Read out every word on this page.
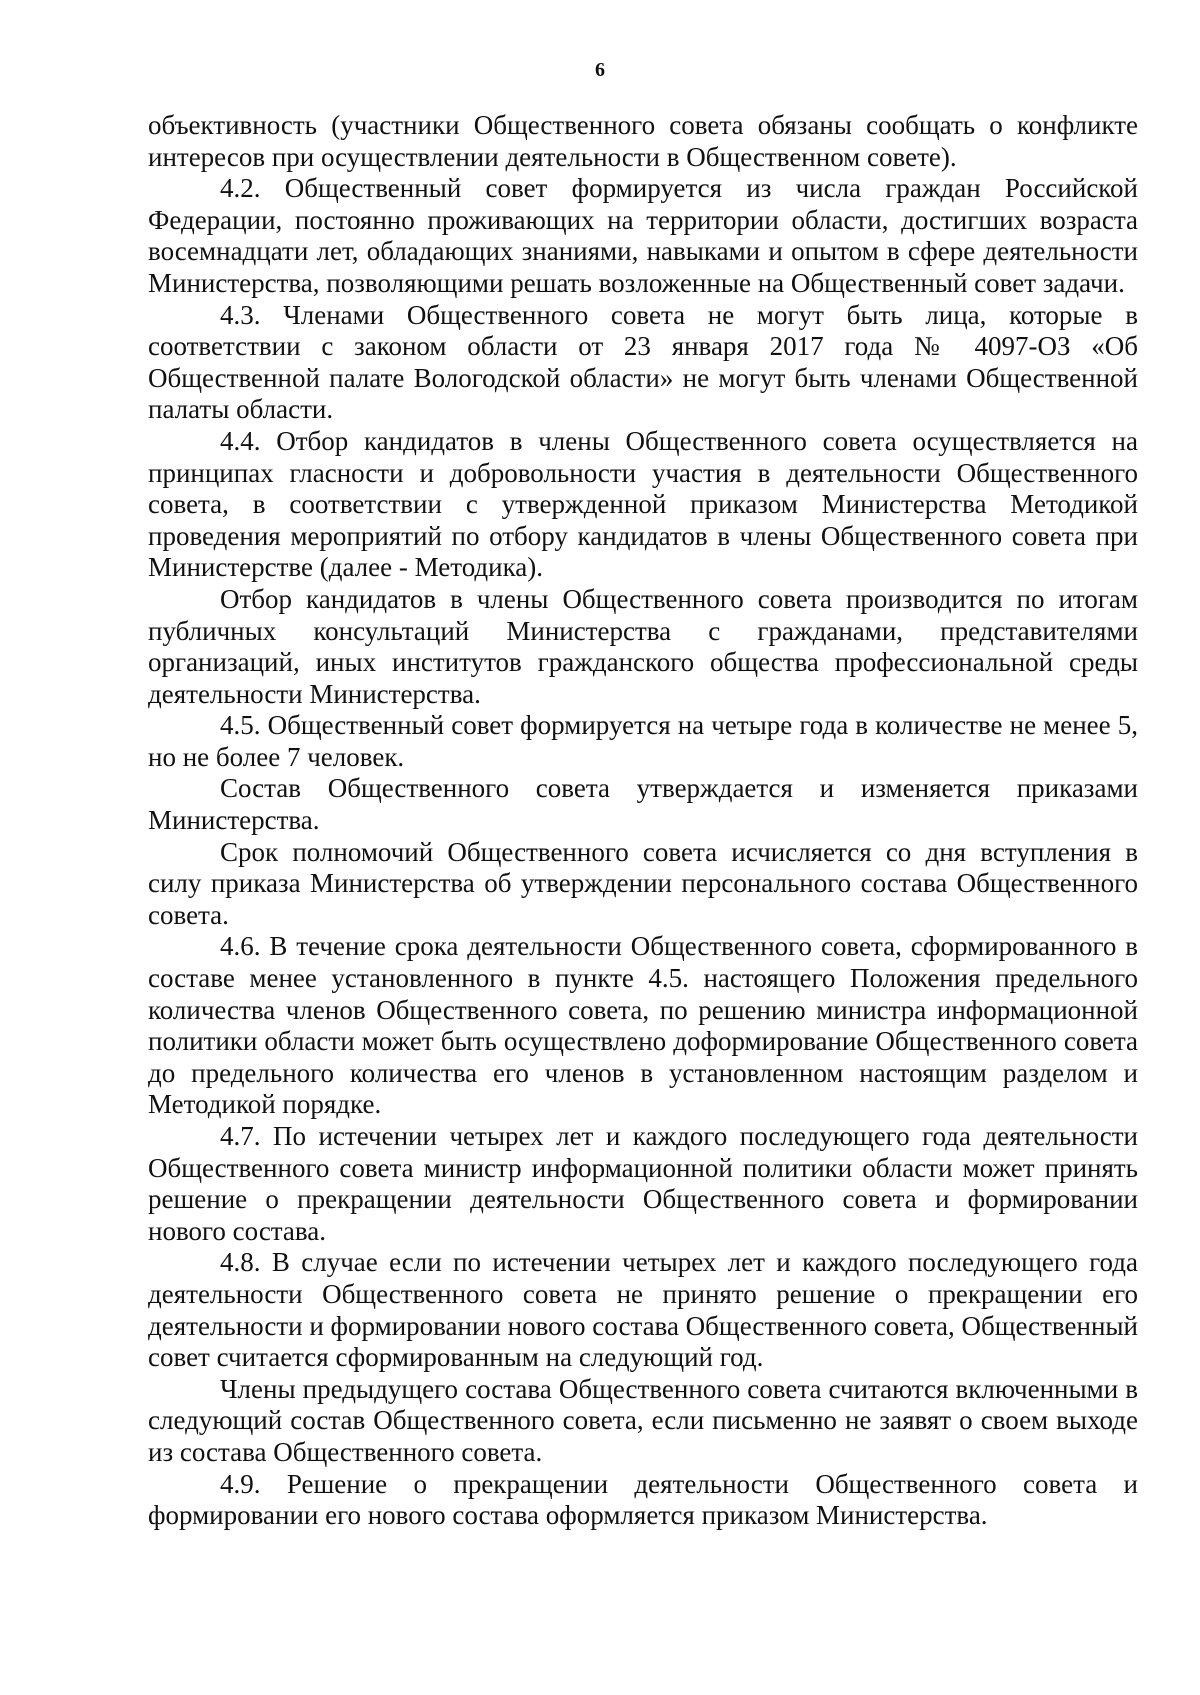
6

объективность (участники Общественного совета обязаны сообщать о конфликте интересов при осуществлении деятельности в Общественном совете).

4.2. Общественный совет формируется из числа граждан Российской Федерации, постоянно проживающих на территории области, достигших возраста восемнадцати лет, обладающих знаниями, навыками и опытом в сфере деятельности Министерства, позволяющими решать возложенные на Общественный совет задачи.

4.3. Членами Общественного совета не могут быть лица, которые в соответствии с законом области от 23 января 2017 года № 4097-ОЗ «Об Общественной палате Вологодской области» не могут быть членами Общественной палаты области.

4.4. Отбор кандидатов в члены Общественного совета осуществляется на принципах гласности и добровольности участия в деятельности Общественного совета, в соответствии с утвержденной приказом Министерства Методикой проведения мероприятий по отбору кандидатов в члены Общественного совета при Министерстве (далее - Методика).

Отбор кандидатов в члены Общественного совета производится по итогам публичных консультаций Министерства с гражданами, представителями организаций, иных институтов гражданского общества профессиональной среды деятельности Министерства.

4.5. Общественный совет формируется на четыре года в количестве не менее 5, но не более 7 человек.

Состав Общественного совета утверждается и изменяется приказами Министерства.

Срок полномочий Общественного совета исчисляется со дня вступления в силу приказа Министерства об утверждении персонального состава Общественного совета.

4.6. В течение срока деятельности Общественного совета, сформированного в составе менее установленного в пункте 4.5. настоящего Положения предельного количества членов Общественного совета, по решению министра информационной политики области может быть осуществлено доформирование Общественного совета до предельного количества его членов в установленном настоящим разделом и Методикой порядке.

4.7. По истечении четырех лет и каждого последующего года деятельности Общественного совета министр информационной политики области может принять решение о прекращении деятельности Общественного совета и формировании нового состава.

4.8. В случае если по истечении четырех лет и каждого последующего года деятельности Общественного совета не принято решение о прекращении его деятельности и формировании нового состава Общественного совета, Общественный совет считается сформированным на следующий год.

Члены предыдущего состава Общественного совета считаются включенными в следующий состав Общественного совета, если письменно не заявят о своем выходе из состава Общественного совета.

4.9. Решение о прекращении деятельности Общественного совета и формировании его нового состава оформляется приказом Министерства.
